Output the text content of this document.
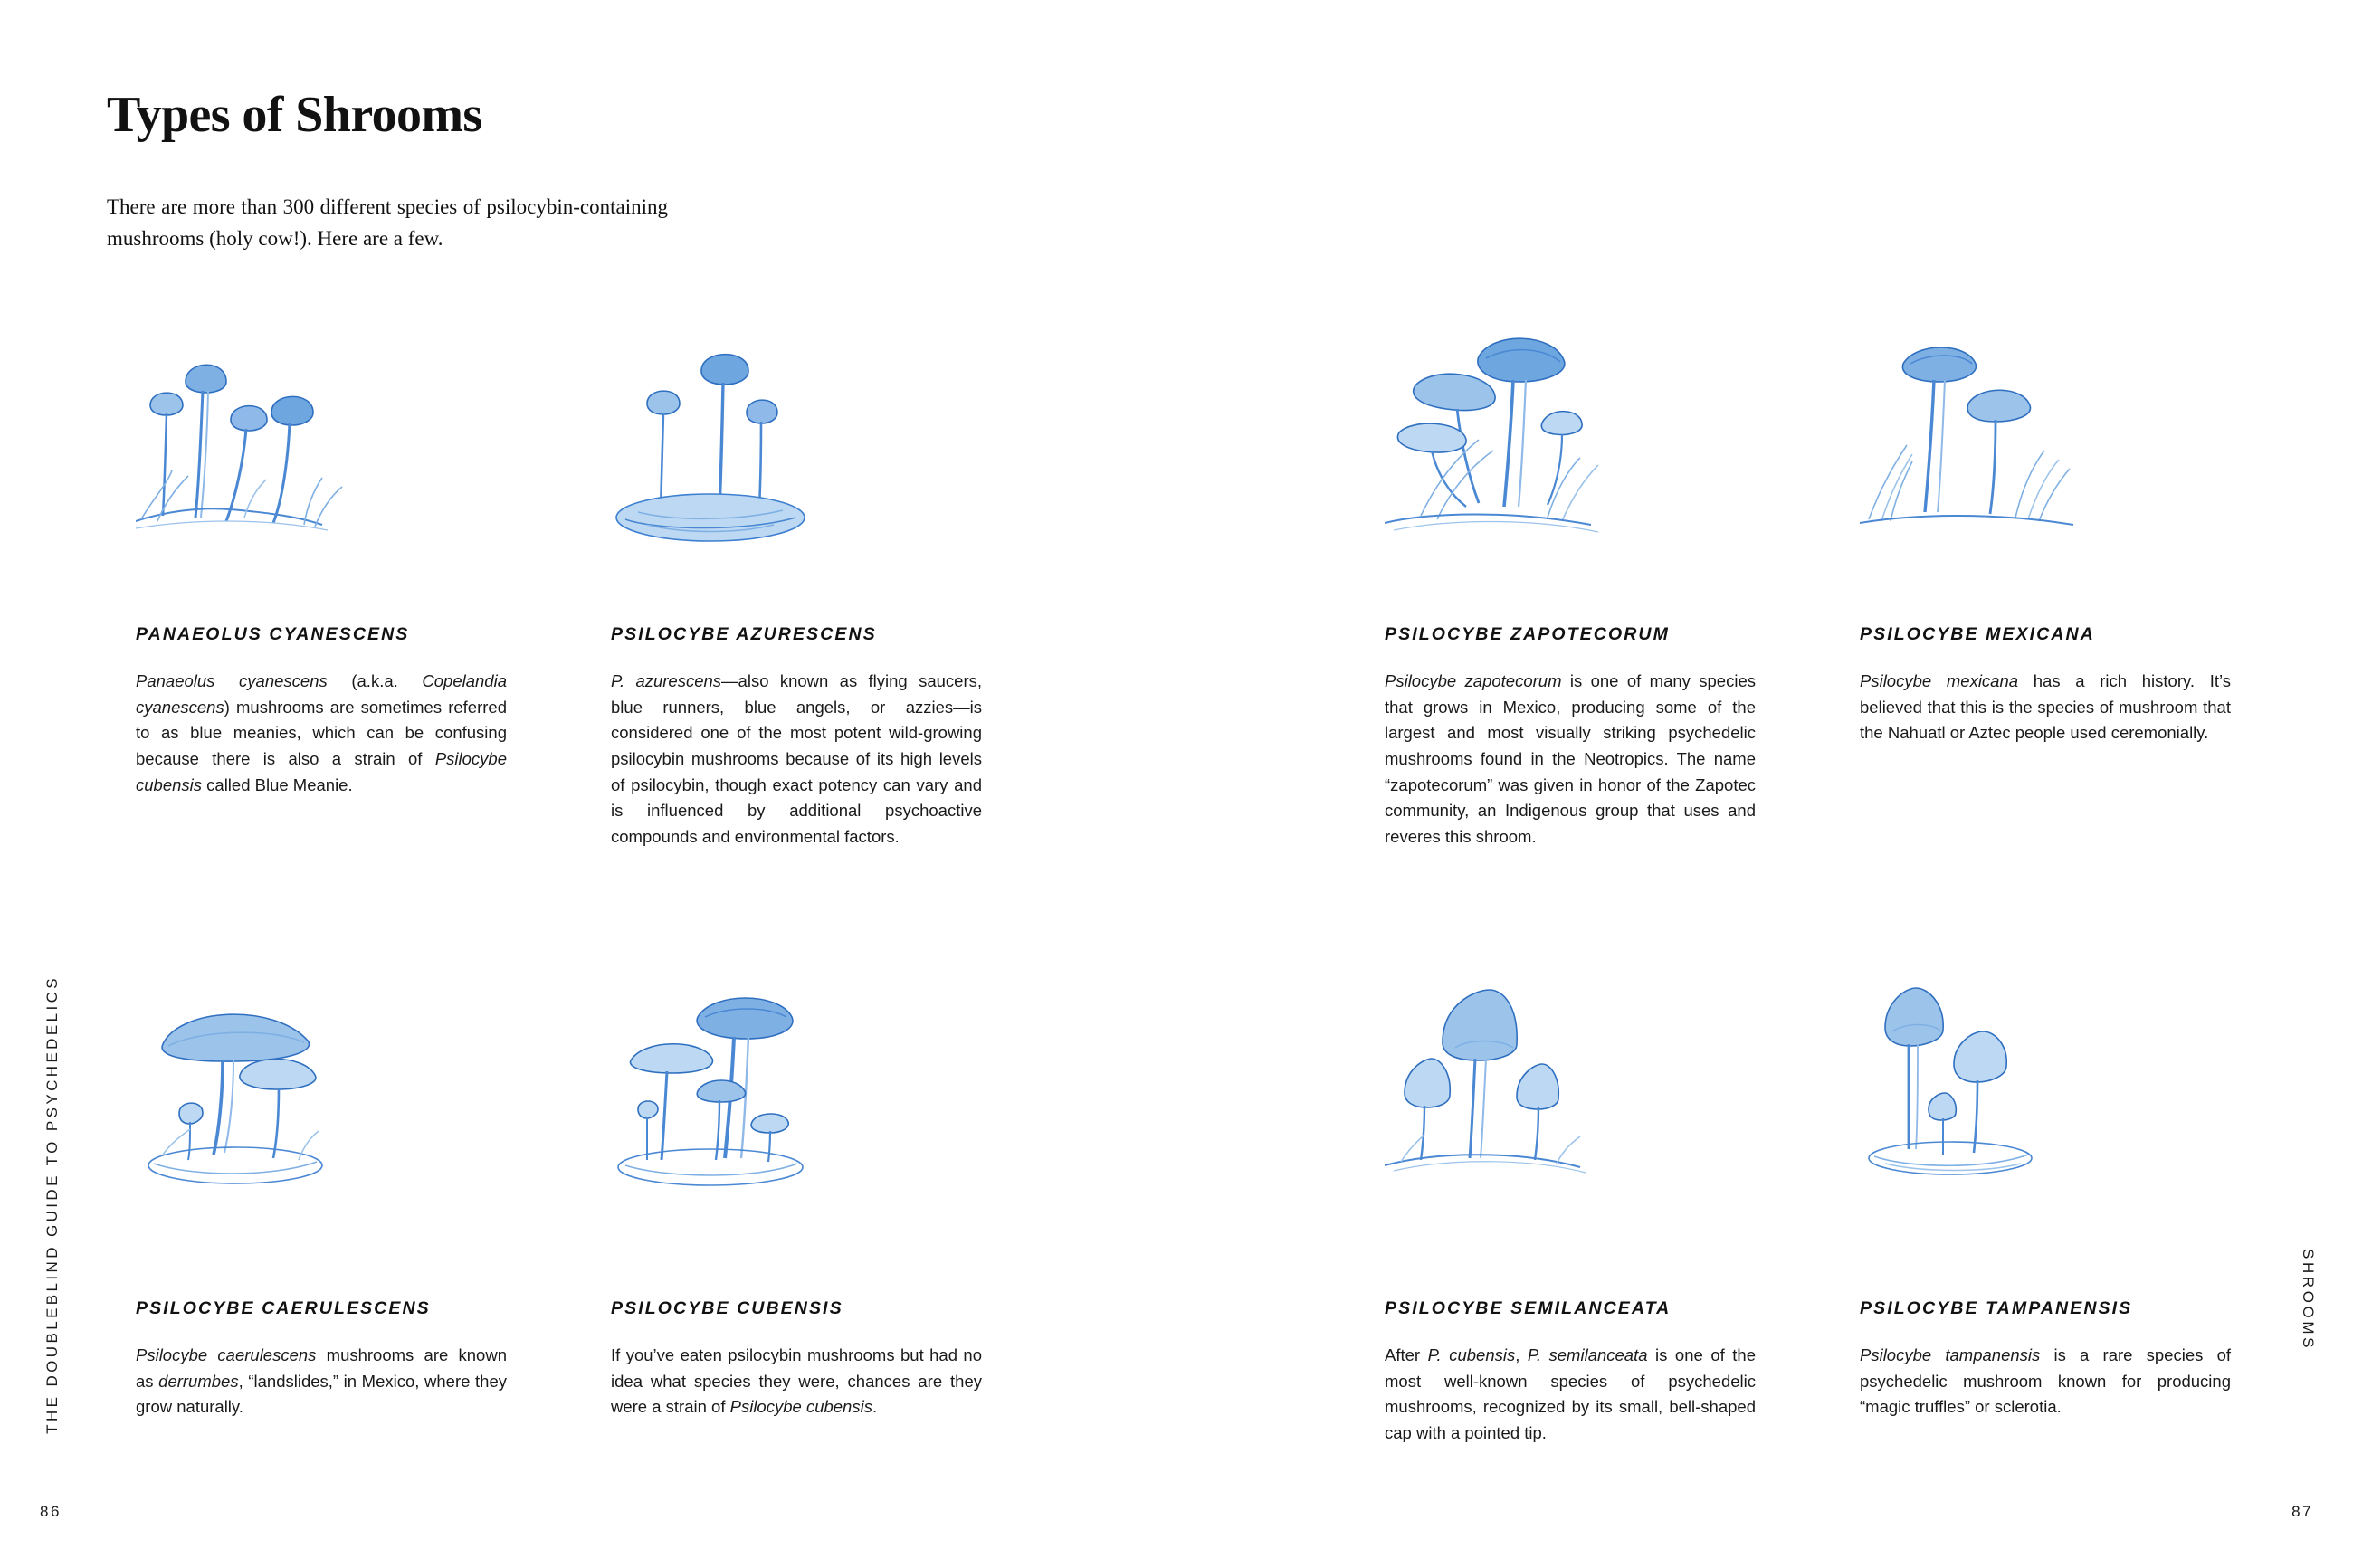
THE DOUBLEBLIND GUIDE TO PSYCHEDELICS
Types of Shrooms
There are more than 300 different species of psilocybin-containing mushrooms (holy cow!). Here are a few.
PANAEOLUS CYANESCENS
Panaeolus cyanescens (a.k.a. Copelandia cyanescens) mushrooms are sometimes referred to as blue meanies, which can be confusing because there is also a strain of Psilocybe cubensis called Blue Meanie.
PSILOCYBE AZURESCENS
P. azurescens—also known as flying saucers, blue runners, blue angels, or azzies—is considered one of the most potent wild-growing psilocybin mushrooms because of its high levels of psilocybin, though exact potency can vary and is influenced by additional psychoactive compounds and environmental factors.
PSILOCYBE CAERULESCENS
Psilocybe caerulescens mushrooms are known as derrumbes, “landslides,” in Mexico, where they grow naturally.
PSILOCYBE CUBENSIS
If you’ve eaten psilocybin mushrooms but had no idea what species they were, chances are they were a strain of Psilocybe cubensis.
86
SHROOMS
PSILOCYBE ZAPOTECORUM
Psilocybe zapotecorum is one of many species that grows in Mexico, producing some of the largest and most visually striking psychedelic mushrooms found in the Neotropics. The name “zapotecorum” was given in honor of the Zapotec community, an Indigenous group that uses and reveres this shroom.
PSILOCYBE MEXICANA
Psilocybe mexicana has a rich history. It’s believed that this is the species of mushroom that the Nahuatl or Aztec people used ceremonially.
PSILOCYBE SEMILANCEATA
After P. cubensis, P. semilanceata is one of the most well-known species of psychedelic mushrooms, recognized by its small, bell-shaped cap with a pointed tip.
PSILOCYBE TAMPANENSIS
Psilocybe tampanensis is a rare species of psychedelic mushroom known for producing “magic truffles” or sclerotia.
87
